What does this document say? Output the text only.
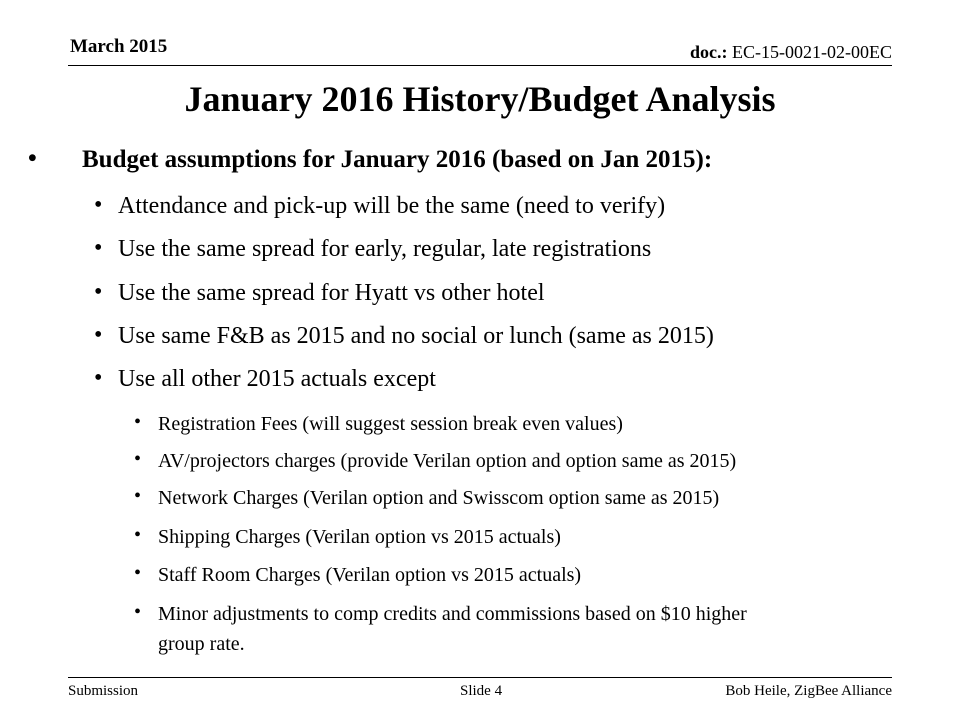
March 2015	doc.: EC-15-0021-02-00EC
January 2016 History/Budget Analysis
• Budget assumptions for January 2016 (based on Jan 2015):
• Attendance and pick-up will be the same (need to verify)
• Use the same spread for early, regular, late registrations
• Use the same spread for Hyatt vs other hotel
• Use same F&B as 2015 and no social or lunch (same as 2015)
• Use all other 2015 actuals except
• Registration Fees (will suggest session break even values)
• AV/projectors charges (provide Verilan option and option same as 2015)
• Network Charges (Verilan option and Swisscom option same as 2015)
• Shipping Charges (Verilan option vs 2015 actuals)
• Staff Room Charges (Verilan option vs 2015 actuals)
• Minor adjustments to comp credits and commissions based on $10 higher
group rate.
Submission	Slide 4	Bob Heile, ZigBee Alliance
